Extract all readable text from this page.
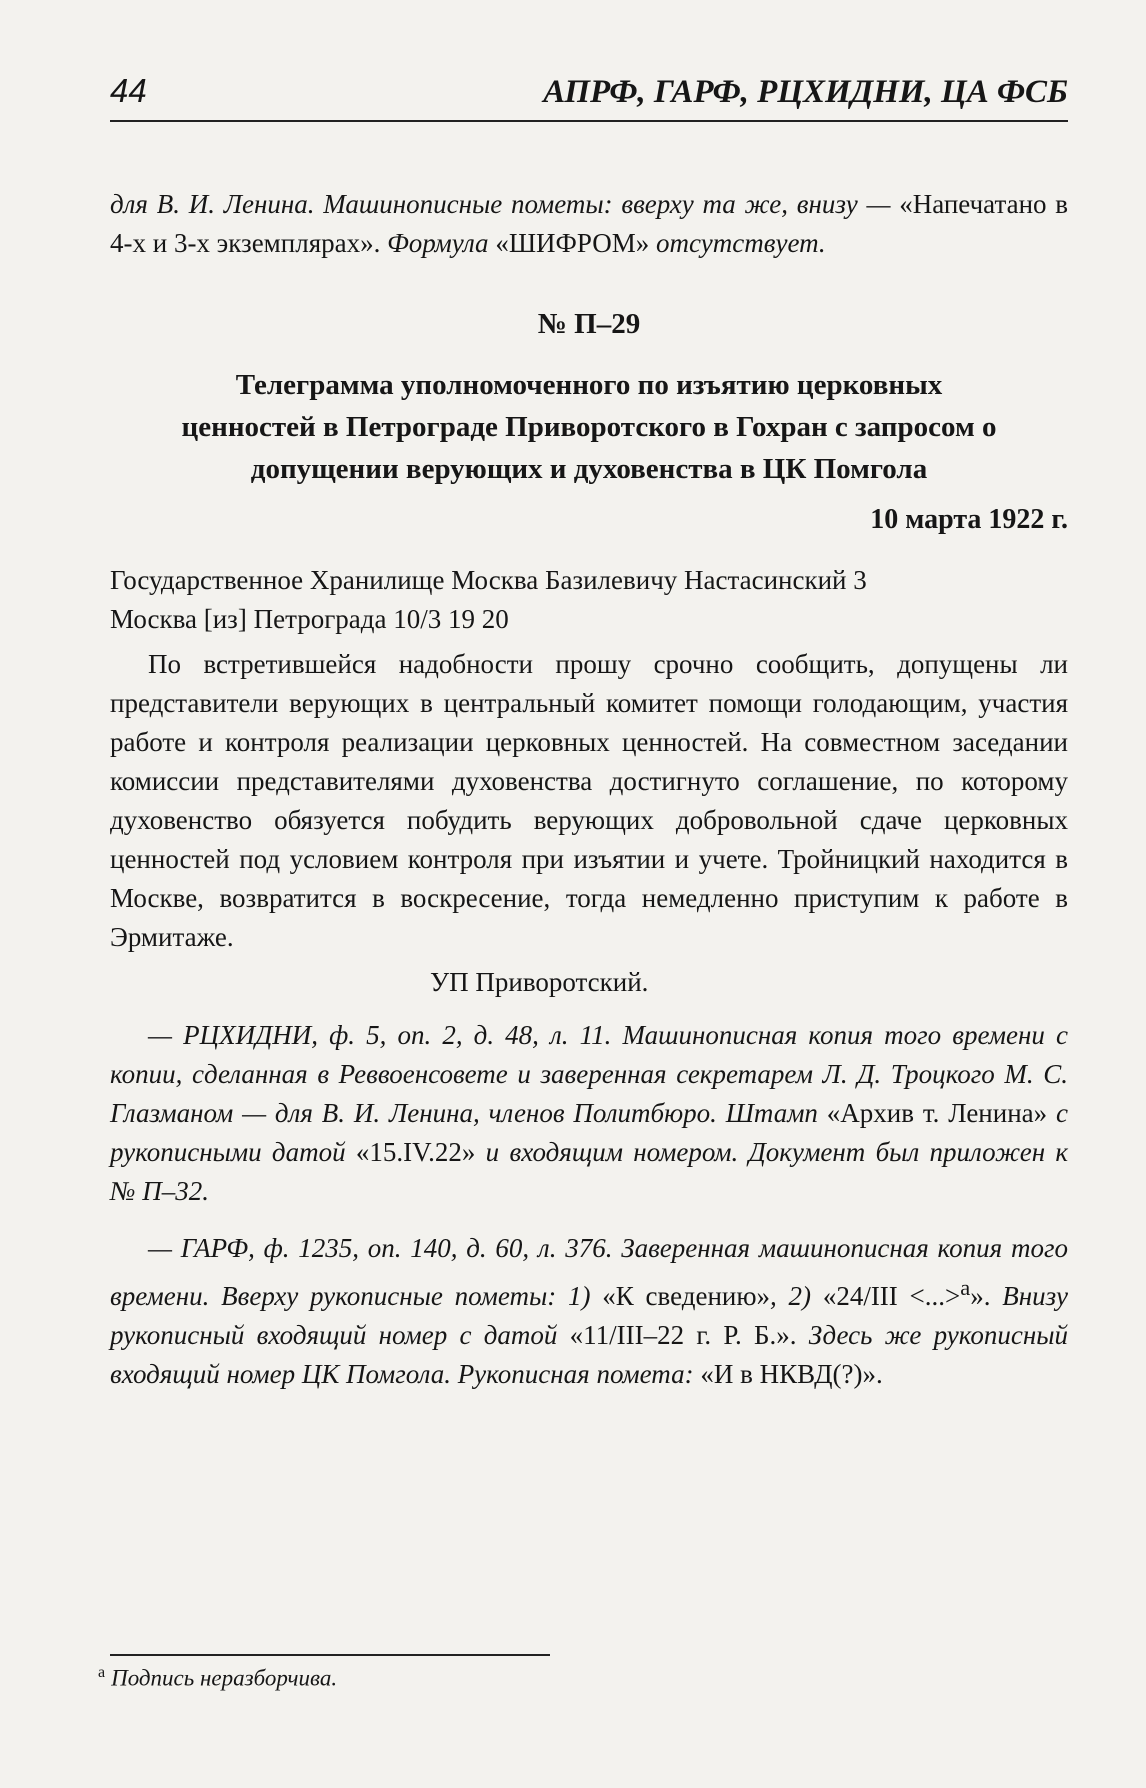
44	АПРФ, ГАРФ, РЦХИДНИ, ЦА ФСБ

для В. И. Ленина. Машинописные пометы: вверху та же, внизу — «Напечатано в 4-х и 3-х экземплярах». Формула «ШИФРОМ» отсутствует.

№ П–29
Телеграмма уполномоченного по изъятию церковных ценностей в Петрограде Приворотского в Гохран с запросом о допущении верующих и духовенства в ЦК Помгола
10 марта 1922 г.

Государственное Хранилище Москва Базилевичу Настасинский 3

Москва [из] Петрограда 10/3 19 20

По встретившейся надобности прошу срочно сообщить, допущены ли представители верующих в центральный комитет помощи голодающим, участия работе и контроля реализации церковных ценностей. На совместном заседании комиссии представителями духовенства достигнуто соглашение, по которому духовенство обязуется побудить верующих добровольной сдаче церковных ценностей под условием контроля при изъятии и учете. Тройницкий находится в Москве, возвратится в воскресение, тогда немедленно приступим к работе в Эрмитаже.

УП Приворотский.

— РЦХИДНИ, ф. 5, оп. 2, д. 48, л. 11. Машинописная копия того времени с копии, сделанная в Реввоенсовете и заверенная секретарем Л. Д. Троцкого М. С. Глазманом — для В. И. Ленина, членов Политбюро. Штамп «Архив т. Ленина» с рукописными датой «15.IV.22» и входящим номером. Документ был приложен к № П–32.

— ГАРФ, ф. 1235, оп. 140, д. 60, л. 376. Заверенная машинописная копия того времени. Вверху рукописные пометы: 1) «К сведению», 2) «24/III <...>$^а$». Внизу рукописный входящий номер с датой «11/III–22 г. Р. Б.». Здесь же рукописный входящий номер ЦК Помгола. Рукописная помета: «И в НКВД(?)».

$^а$ Подпись неразборчива.
